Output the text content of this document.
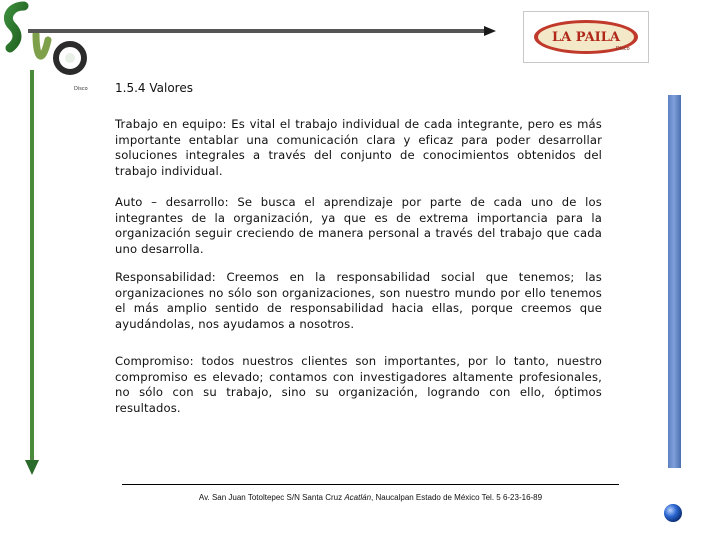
Disco
LA PAILA
Disco
1.5.4 Valores

Trabajo en equipo: Es vital el trabajo individual de cada integrante, pero es más importante entablar una comunicación clara y eficaz para poder desarrollar soluciones integrales a través del conjunto de conocimientos obtenidos del trabajo individual.

Auto – desarrollo: Se busca el aprendizaje por parte de cada uno de los integrantes de la organización, ya que es de extrema importancia para la organización seguir creciendo de manera personal a través del trabajo que cada uno desarrolla.

Responsabilidad: Creemos en la responsabilidad social que tenemos; las organizaciones no sólo son organizaciones, son nuestro mundo por ello tenemos el más amplio sentido de responsabilidad hacia ellas, porque creemos que ayudándolas, nos ayudamos a nosotros.

Compromiso: todos nuestros clientes son importantes, por lo tanto, nuestro compromiso es elevado; contamos con investigadores altamente profesionales, no sólo con su trabajo, sino su organización, logrando con ello, óptimos resultados.

Av. San Juan Totoltepec S/N Santa Cruz Acatlán, Naucalpan Estado de México Tel. 5 6-23-16-89
